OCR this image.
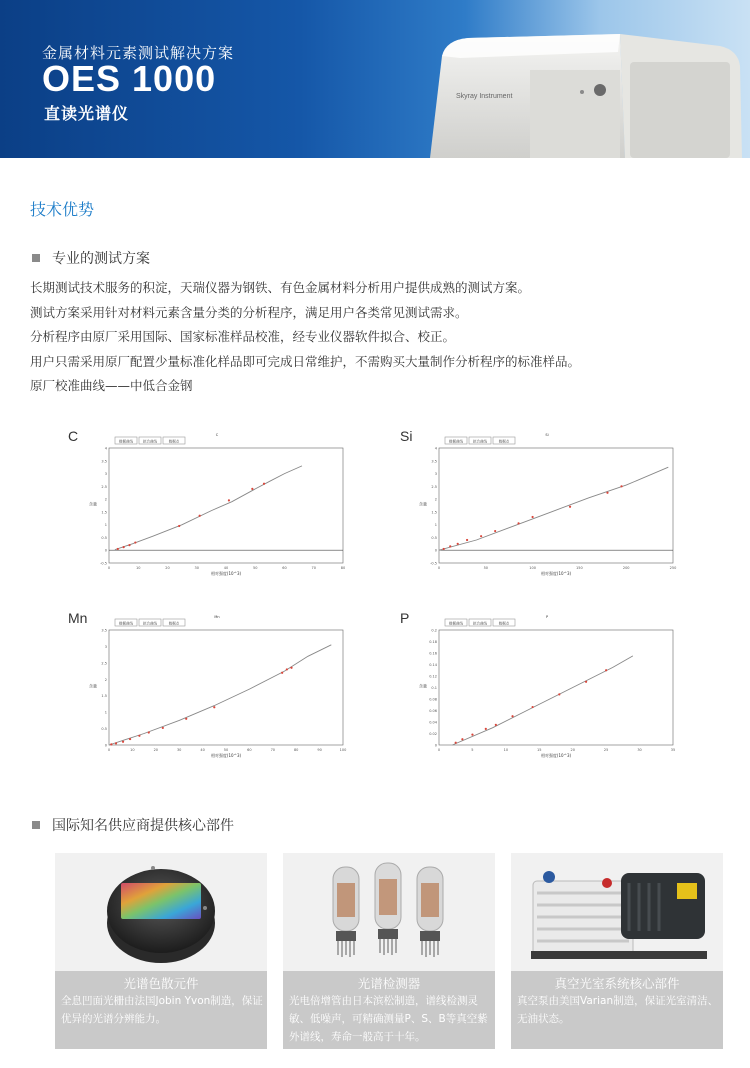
金属材料元素测试解决方案
OES 1000
直读光谱仪
Skyray Instrument
技术优势
专业的测试方案
长期测试技术服务的积淀，天瑞仪器为钢铁、有色金属材料分析用户提供成熟的测试方案。
测试方案采用针对材料元素含量分类的分析程序，满足用户各类常见测试需求。
分析程序由原厂采用国际、国家标准样品校准，经专业仪器软件拟合、校正。
用户只需采用原厂配置少量标准化样品即可完成日常维护，不需购买大量制作分析程序的标准样品。
原厂校准曲线——中低合金钢
C	Si
Mn	P
数据曲线	拟合曲线	数据点
C
0	10	20	30	40	50	60	70	80
-0.5
0
0.5
1
1.5
2
2.5
3
3.5
4
相对强度(10^3)
含量
数据曲线	拟合曲线	数据点
Si
0	50	100	150	200	250
-0.5
0
0.5
1
1.5
2
2.5
3
3.5
4
相对强度(10^3)
含量
数据曲线	拟合曲线	数据点
Mn
0	10	20	30	40	50	60	70	80	90	100
0
0.5
1
1.5
2
2.5
3
3.5
相对强度(10^3)
含量
数据曲线	拟合曲线	数据点
P
0	5	10	15	20	25	30	35
0
0.02
0.04
0.06
0.08
0.1
0.12
0.14
0.16
0.18
0.2
相对强度(10^3)
含量
国际知名供应商提供核心部件
光谱色散元件
全息凹面光栅由法国Jobin Yvon制造，保证优异的光谱分辨能力。
光谱检测器
光电倍增管由日本滨松制造，谱线检测灵敏、低噪声，可精确测量P、S、B等真空紫外谱线，寿命一般高于十年。
真空光室系统核心部件
真空泵由美国Varian制造，保证光室清洁、无油状态。
